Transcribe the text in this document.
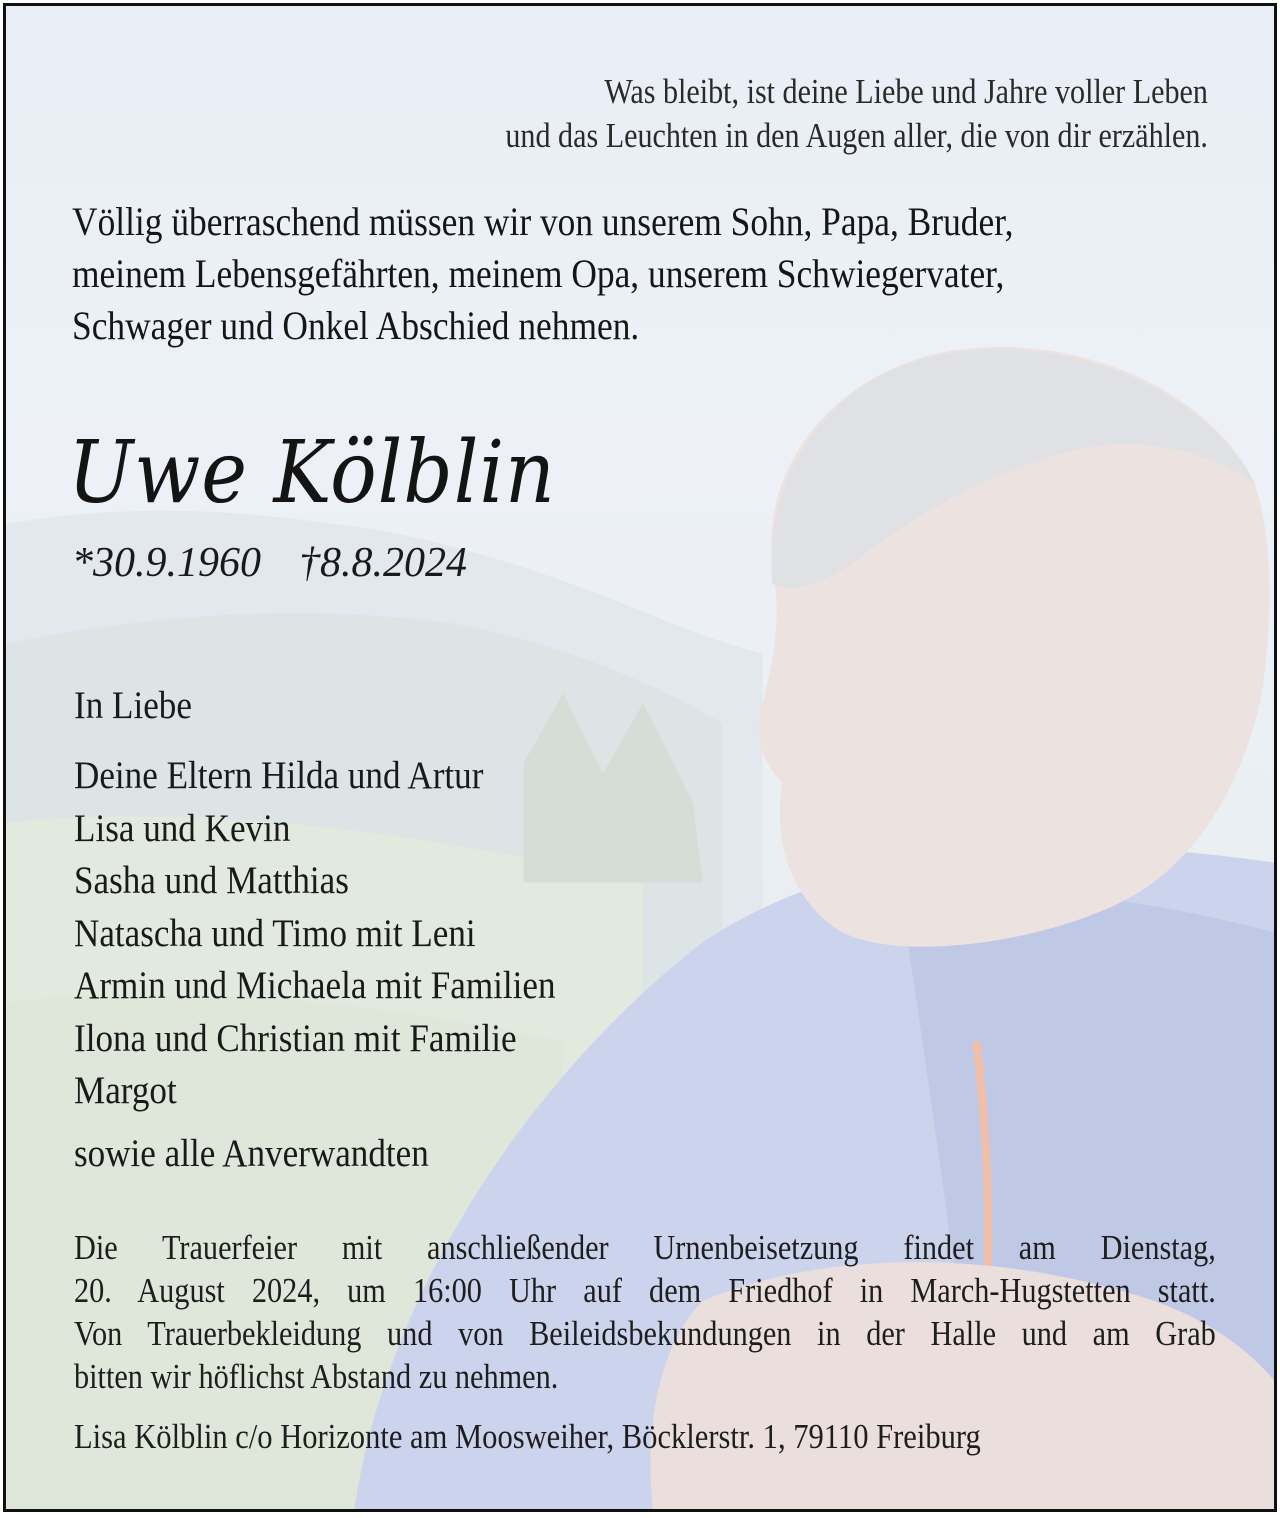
Was bleibt, ist deine Liebe und Jahre voller Leben
und das Leuchten in den Augen aller, die von dir erzählen.
Völlig überraschend müssen wir von unserem Sohn, Papa, Bruder,
meinem Lebensgefährten, meinem Opa, unserem Schwiegervater,
Schwager und Onkel Abschied nehmen.
Uwe Kölblin
*30.9.1960 †8.8.2024
In Liebe
Deine Eltern Hilda und Artur
Lisa und Kevin
Sasha und Matthias
Natascha und Timo mit Leni
Armin und Michaela mit Familien
Ilona und Christian mit Familie
Margot
sowie alle Anverwandten
Die Trauerfeier mit anschließender Urnenbeisetzung findet am Dienstag,
20. August 2024, um 16:00 Uhr auf dem Friedhof in March-Hugstetten statt.
Von Trauerbekleidung und von Beileidsbekundungen in der Halle und am Grab
bitten wir höflichst Abstand zu nehmen.
Lisa Kölblin c/o Horizonte am Moosweiher, Böcklerstr. 1, 79110 Freiburg
